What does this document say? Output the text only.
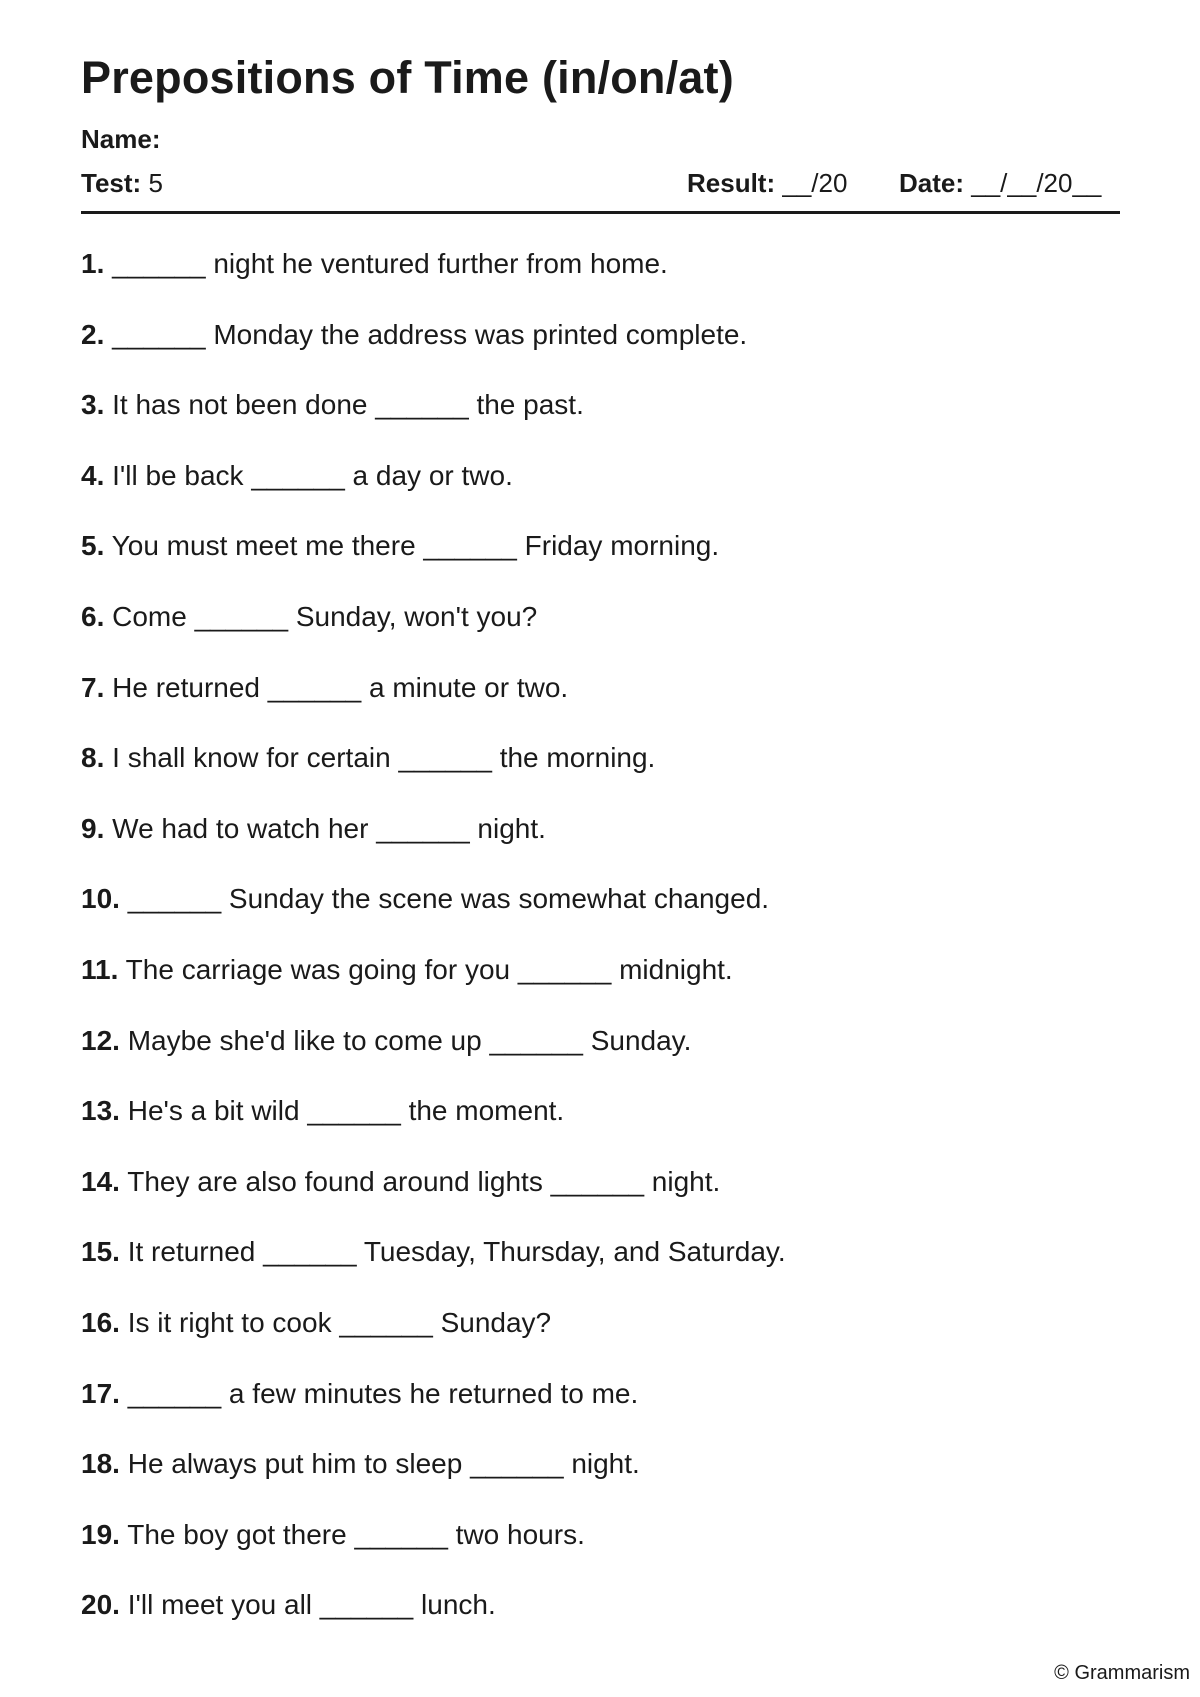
Prepositions of Time (in/on/at)
Name:
Test: 5	Result: __/20 Date: __/__/20__
1. ______ night he ventured further from home.
2. ______ Monday the address was printed complete.
3. It has not been done ______ the past.
4. I'll be back ______ a day or two.
5. You must meet me there ______ Friday morning.
6. Come ______ Sunday, won't you?
7. He returned ______ a minute or two.
8. I shall know for certain ______ the morning.
9. We had to watch her ______ night.
10. ______ Sunday the scene was somewhat changed.
11. The carriage was going for you ______ midnight.
12. Maybe she'd like to come up ______ Sunday.
13. He's a bit wild ______ the moment.
14. They are also found around lights ______ night.
15. It returned ______ Tuesday, Thursday, and Saturday.
16. Is it right to cook ______ Sunday?
17. ______ a few minutes he returned to me.
18. He always put him to sleep ______ night.
19. The boy got there ______ two hours.
20. I'll meet you all ______ lunch.
© Grammarism
